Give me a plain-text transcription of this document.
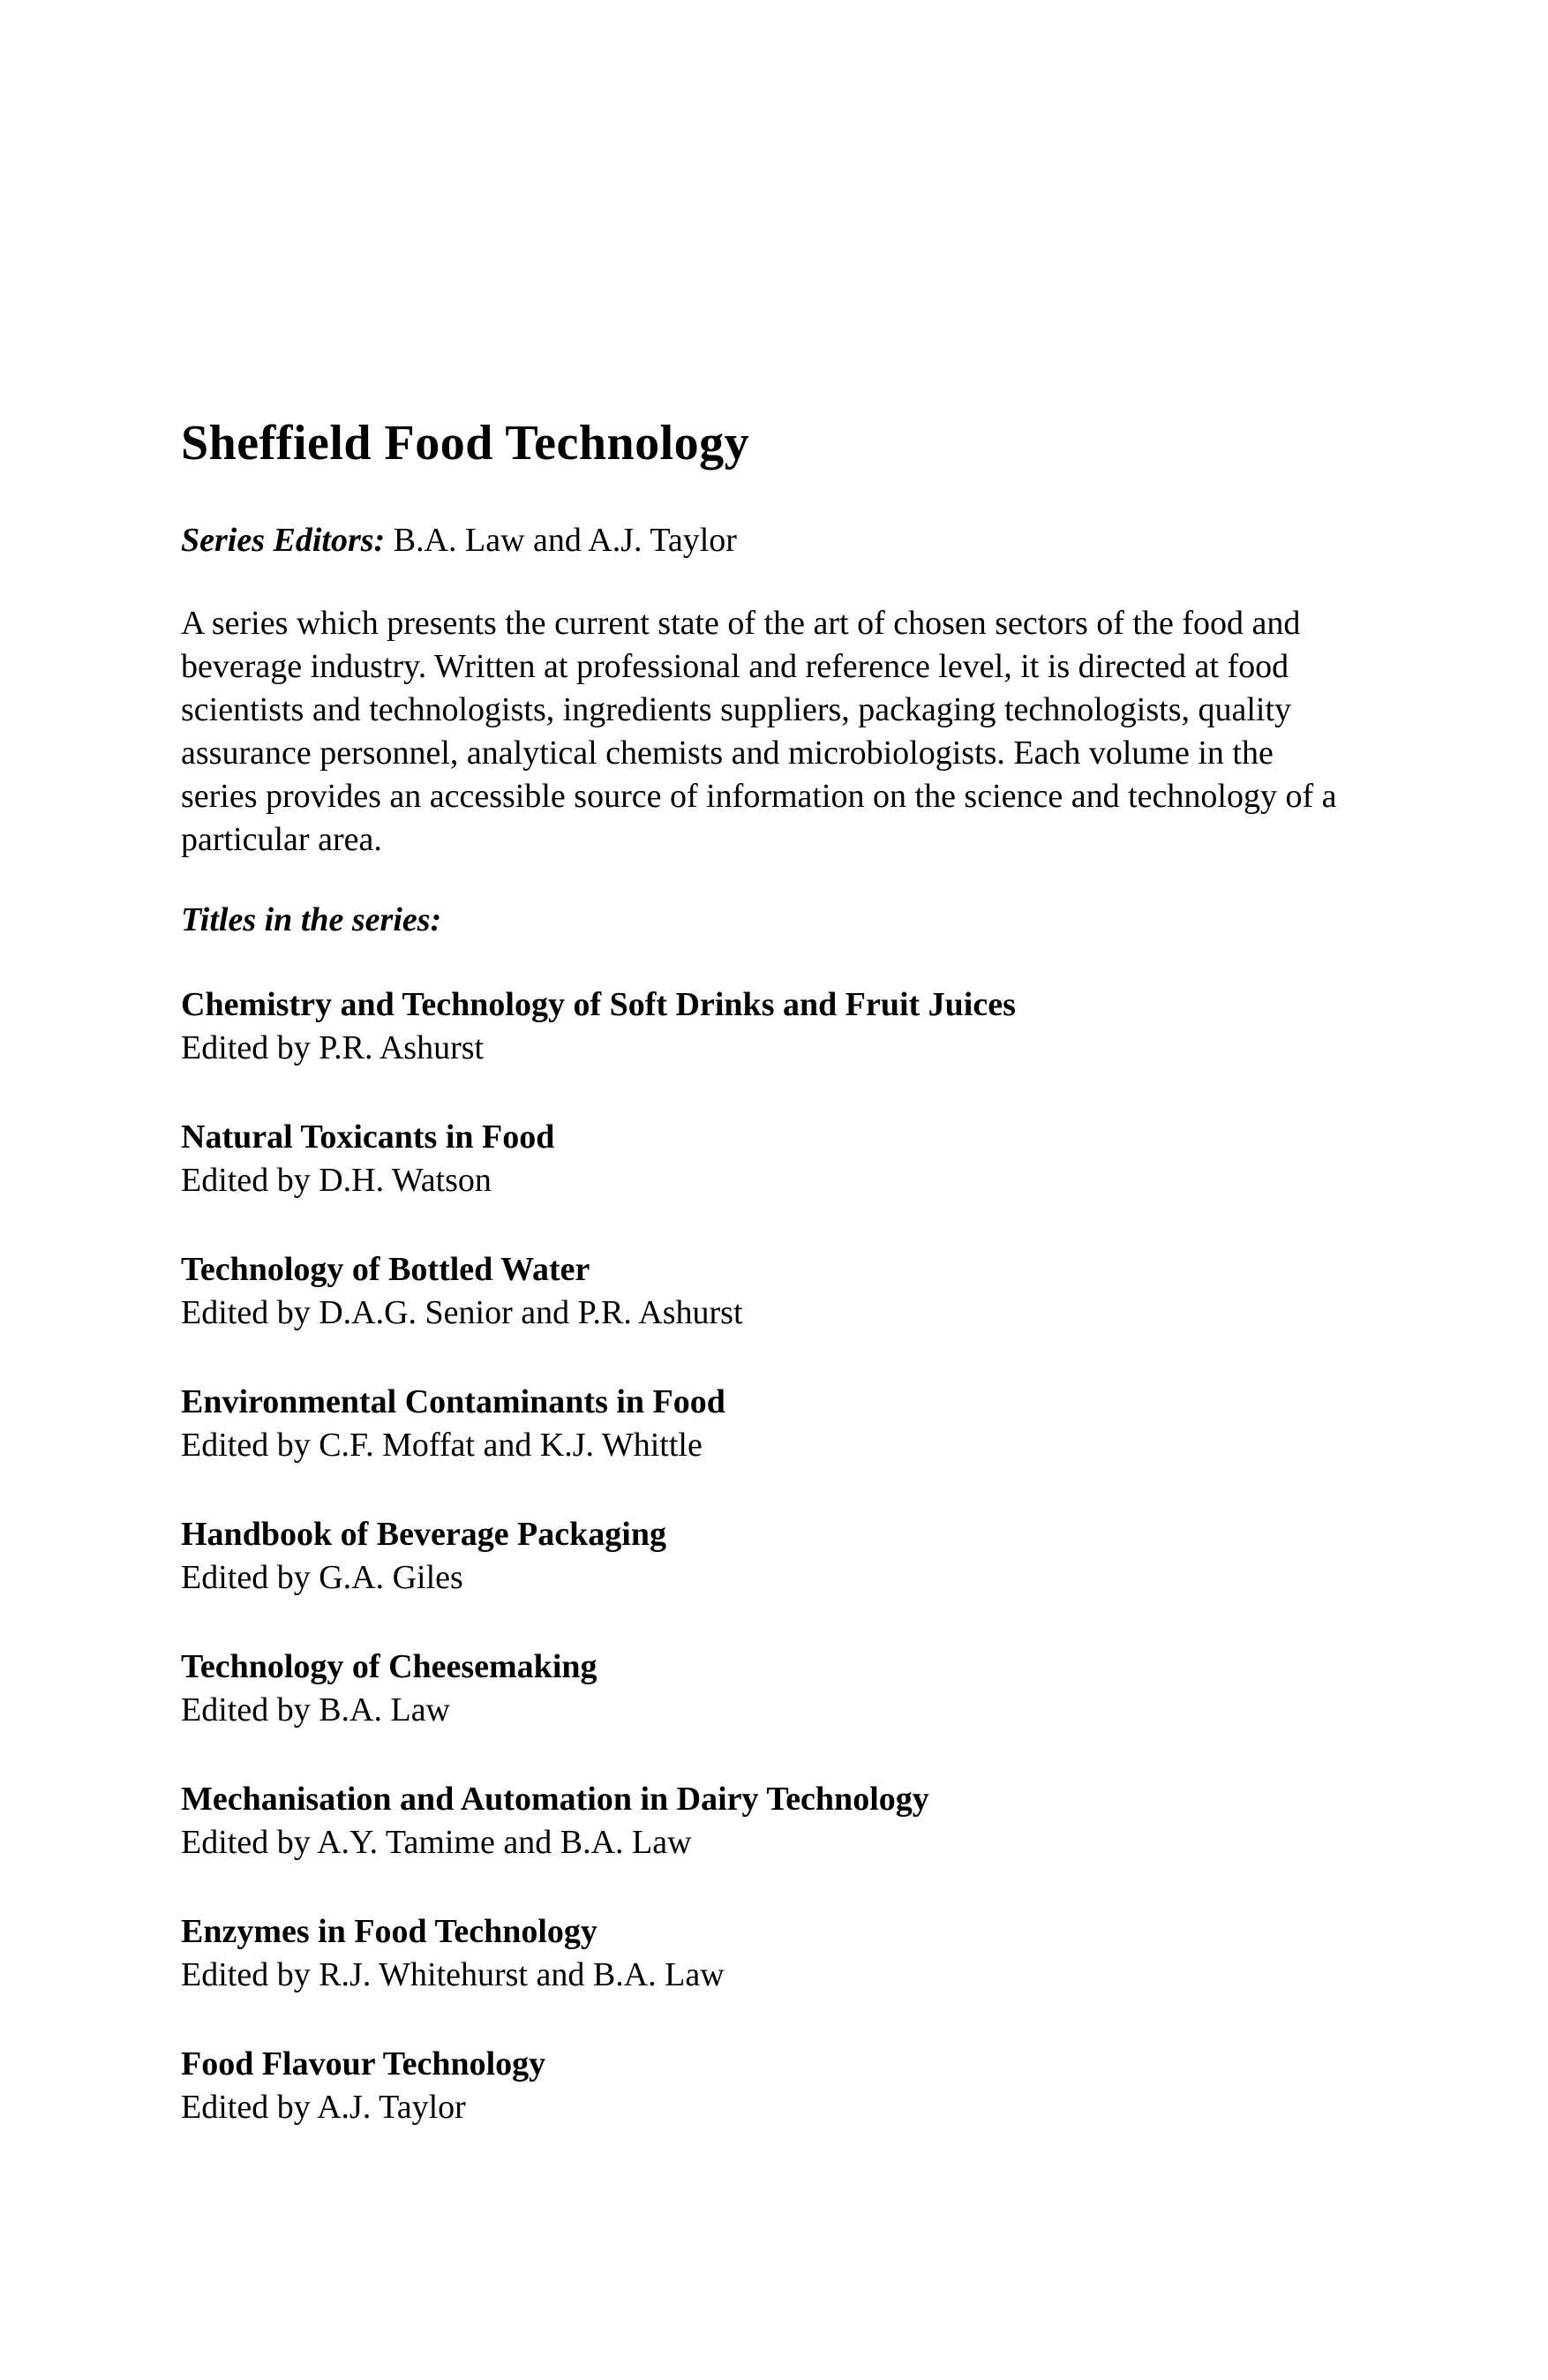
Sheffield Food Technology

Series Editors: B.A. Law and A.J. Taylor

A series which presents the current state of the art of chosen sectors of the food and beverage industry. Written at professional and reference level, it is directed at food scientists and technologists, ingredients suppliers, packaging technologists, quality assurance personnel, analytical chemists and microbiologists. Each volume in the series provides an accessible source of information on the science and technology of a particular area.

Titles in the series:

Chemistry and Technology of Soft Drinks and Fruit Juices
Edited by P.R. Ashurst
Natural Toxicants in Food
Edited by D.H. Watson
Technology of Bottled Water
Edited by D.A.G. Senior and P.R. Ashurst
Environmental Contaminants in Food
Edited by C.F. Moffat and K.J. Whittle
Handbook of Beverage Packaging
Edited by G.A. Giles
Technology of Cheesemaking
Edited by B.A. Law
Mechanisation and Automation in Dairy Technology
Edited by A.Y. Tamime and B.A. Law
Enzymes in Food Technology
Edited by R.J. Whitehurst and B.A. Law
Food Flavour Technology
Edited by A.J. Taylor
